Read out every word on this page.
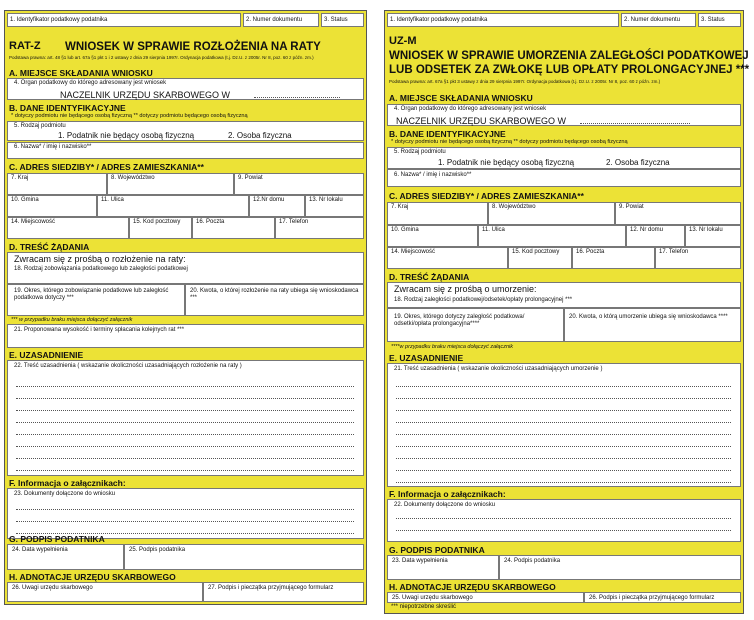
1. Identyfikator podatkowy podatnika	2. Numer dokumentu	3. Status
RAT-Z WNIOSEK W SPRAWIE ROZŁOŻENIA NA RATY
Podstawa prawna: art. 48 §1 lub art. 67a §1 pkt 1 i 2 ustawy z dnia 29 sierpnia 1997r. Ordynacja podatkowa (t.j. Dz.U. z 2005r. Nr 8, poz. 60 z późn. zm.)
A. MIEJSCE SKŁADANIA WNIOSKU
4. Organ podatkowy do którego adresowany jest wniosek
NACZELNIK URZĘDU SKARBOWEGO W
B. DANE IDENTYFIKACYJNE
* dotyczy podmiotu nie będącego osobą fizyczną ** dotyczy podmiotu będącego osobą fizyczną
5. Rodzaj podmiotu
1. Podatnik nie będący osobą fizyczną	2. Osoba fizyczna
6. Nazwa* / imię i nazwisko**
C. ADRES SIEDZIBY* / ADRES ZAMIESZKANIA**
7. Kraj	8. Województwo	9. Powiat
10. Gmina	11. Ulica	12.Nr domu	13. Nr lokalu
14. Miejscowość	15. Kod pocztowy	16. Poczta	17. Telefon
D. TREŚĆ ŻĄDANIA
Zwracam się z prośbą o rozłożenie na raty:
18. Rodzaj zobowiązania podatkowego lub zaległości podatkowej
19. Okres, którego zobowiązanie podatkowe lub zaległość podatkowa dotyczy ***
20. Kwota, o której rozłożenie na raty ubiega się wnioskodawca ***
*** w przypadku braku miejsca dołączyć załącznik
21. Proponowana wysokość i terminy spłacania kolejnych rat ***
E. UZASADNIENIE
22. Treść uzasadnienia ( wskazanie okoliczności uzasadniających rozłożenie na raty )
F. Informacja o załącznikach:
23. Dokumenty dołączone do wniosku
G. PODPIS PODATNIKA
24. Data wypełnienia	25. Podpis podatnika
H. ADNOTACJE URZĘDU SKARBOWEGO
26. Uwagi urzędu skarbowego	27. Podpis i pieczątka przyjmującego formularz
1. Identyfikator podatkowy podatnika	2. Numer dokumentu	3. Status
UZ-M
WNIOSEK W SPRAWIE UMORZENIA ZALEGŁOŚCI PODATKOWEJ
LUB ODSETEK ZA ZWŁOKĘ LUB OPŁATY PROLONGACYJNEJ ***
Podstawa prawna: art. 67a §1 pkt 3 ustawy z dnia 29 sierpnia 1997r. Ordynacja podatkowa (t.j. Dz.U. z 2005r. Nr 8, poz. 60 z późn. zm.)
A. MIEJSCE SKŁADANIA WNIOSKU
4. Organ podatkowy do którego adresowany jest wniosek
NACZELNIK URZĘDU SKARBOWEGO W
B. DANE IDENTYFIKACYJNE
* dotyczy podmiotu nie będącego osobą fizyczną ** dotyczy podmiotu będącego osobą fizyczną
5. Rodzaj podmiotu
1. Podatnik nie będący osobą fizyczną	2. Osoba fizyczna
6. Nazwa* / imię i nazwisko**
C. ADRES SIEDZIBY* / ADRES ZAMIESZKANIA**
7. Kraj	8. Województwo	9. Powiat
10. Gmina	11. Ulica	12. Nr domu	13. Nr lokalu
14. Miejscowość	15. Kod pocztowy	16. Poczta	17. Telefon
D. TREŚĆ ŻĄDANIA
Zwracam się z prośbą o umorzenie:
18. Rodzaj zaległości podatkowej/odsetek/opłaty prolongacyjnej ***
19. Okres, którego dotyczy zaległość podatkowa/ odsetki/opłata prolongacyjna****
20. Kwota, o którą umorzenie ubiega się wnioskodawca ****
****w przypadku braku miejsca dołączyć załącznik
E. UZASADNIENIE
21. Treść uzasadnienia ( wskazanie okoliczności uzasadniających umorzenie )
F. Informacja o załącznikach:
22. Dokumenty dołączone do wniosku
G. PODPIS PODATNIKA
23. Data wypełnienia	24. Podpis podatnika
H. ADNOTACJE URZĘDU SKARBOWEGO
25. Uwagi urzędu skarbowego	26. Podpis i pieczątka przyjmującego formularz
*** niepotrzebne skreślić
